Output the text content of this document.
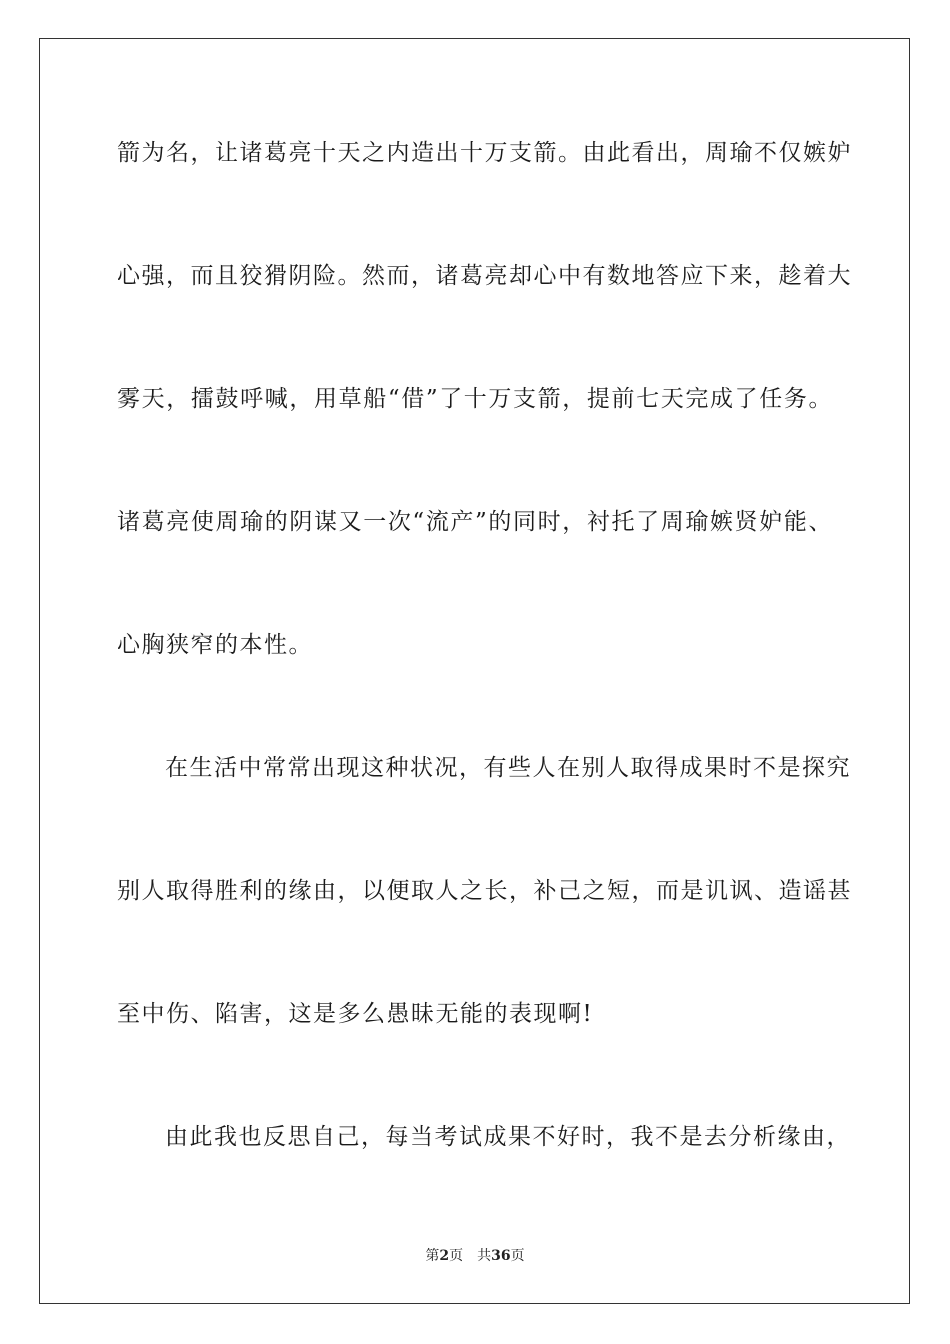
箭为名，让诸葛亮十天之内造出十万支箭。由此看出，周瑜不仅嫉妒
心强，而且狡猾阴险。然而，诸葛亮却心中有数地答应下来，趁着大
雾天，擂鼓呼喊，用草船“借”了十万支箭，提前七天完成了任务。
诸葛亮使周瑜的阴谋又一次“流产”的同时，衬托了周瑜嫉贤妒能、
心胸狭窄的本性。
在生活中常常出现这种状况，有些人在别人取得成果时不是探究
别人取得胜利的缘由，以便取人之长，补己之短，而是讥讽、造谣甚
至中伤、陷害，这是多么愚昧无能的表现啊!
由此我也反思自己，每当考试成果不好时，我不是去分析缘由，
第2页 共36页
